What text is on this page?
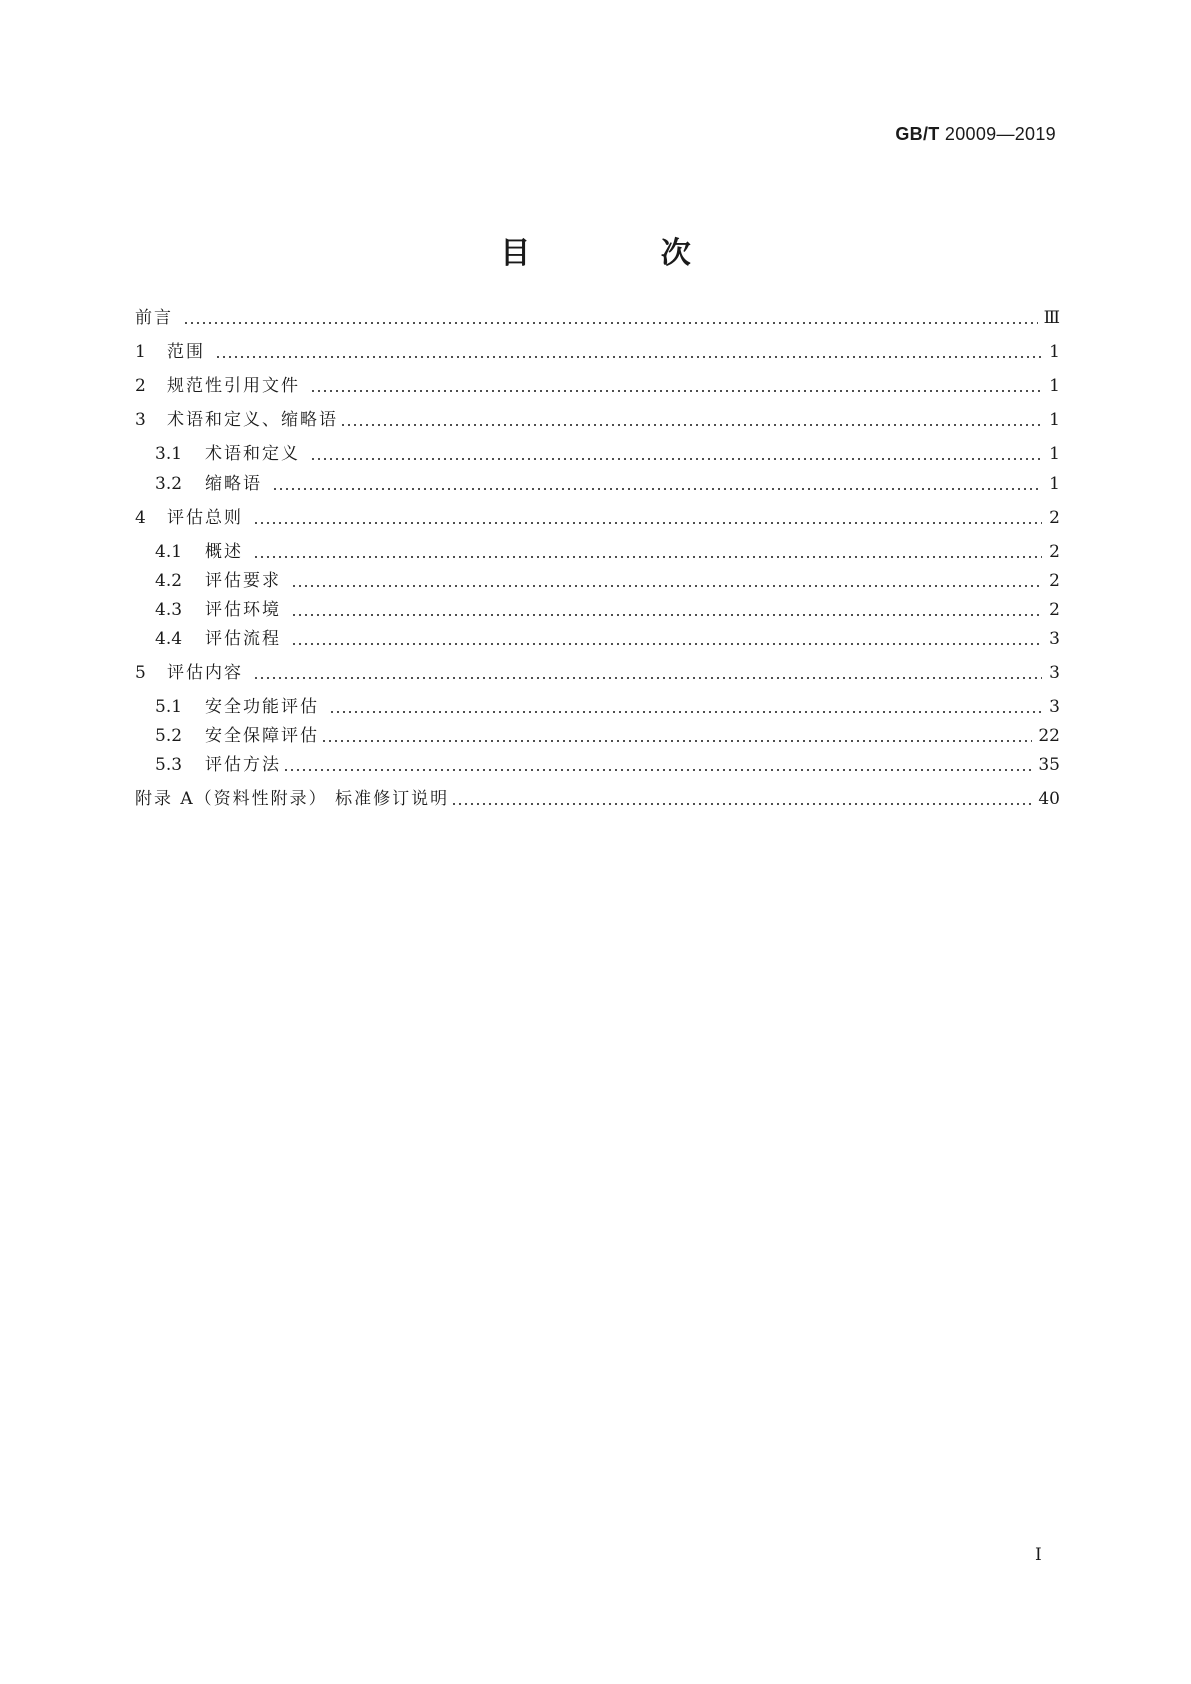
GB/T 20009—2019
目 次
前言	Ⅲ
1	范围	1
2	规范性引用文件	1
3	术语和定义、缩略语	1
3.1	术语和定义	1
3.2	缩略语	1
4	评估总则	2
4.1	概述	2
4.2	评估要求	2
4.3	评估环境	2
4.4	评估流程	3
5	评估内容	3
5.1	安全功能评估	3
5.2	安全保障评估	22
5.3	评估方法	35
附录 A（资料性附录） 标准修订说明	40
I
